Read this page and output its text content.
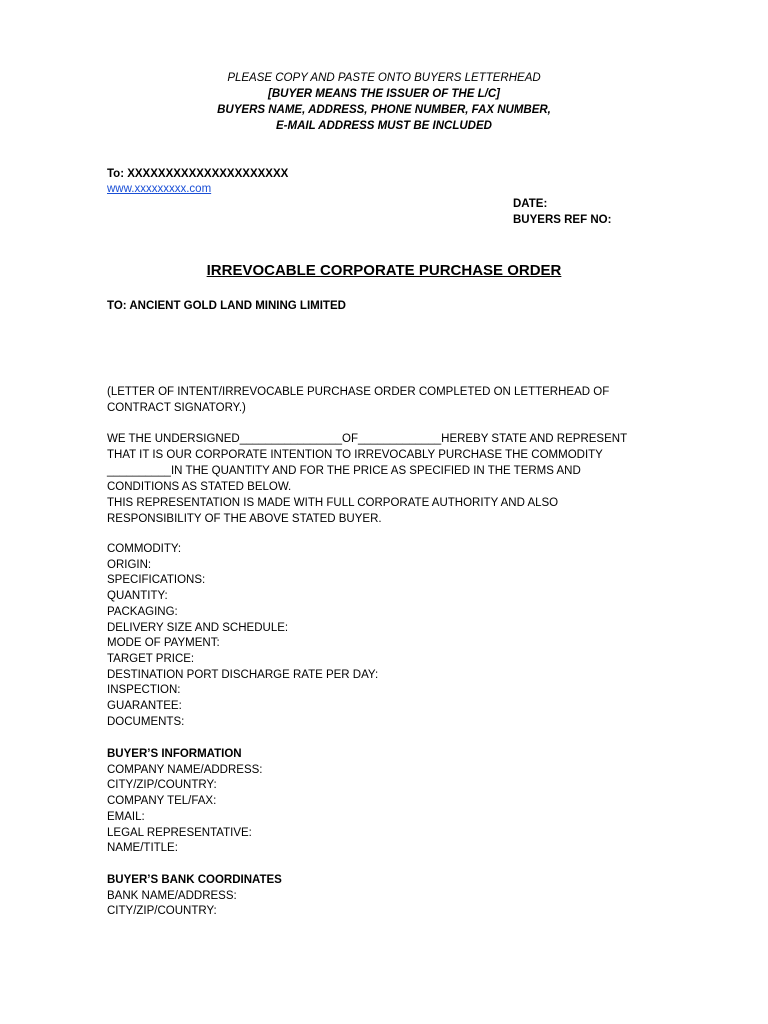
PLEASE COPY AND PASTE ONTO BUYERS LETTERHEAD
[BUYER MEANS THE ISSUER OF THE L/C]
BUYERS NAME, ADDRESS, PHONE NUMBER, FAX NUMBER,
E-MAIL ADDRESS MUST BE INCLUDED
To: XXXXXXXXXXXXXXXXXXXXX
www.xxxxxxxxx.com
DATE:
BUYERS REF NO:
IRREVOCABLE CORPORATE PURCHASE ORDER
TO: ANCIENT GOLD LAND MINING LIMITED
(LETTER OF INTENT/IRREVOCABLE PURCHASE ORDER COMPLETED ON LETTERHEAD OF CONTRACT SIGNATORY.)
WE THE UNDERSIGNED________________OF_____________HEREBY STATE AND REPRESENT THAT IT IS OUR CORPORATE INTENTION TO IRREVOCABLY PURCHASE THE COMMODITY __________IN THE QUANTITY AND FOR THE PRICE AS SPECIFIED IN THE TERMS AND CONDITIONS AS STATED BELOW.
THIS REPRESENTATION IS MADE WITH FULL CORPORATE AUTHORITY AND ALSO RESPONSIBILITY OF THE ABOVE STATED BUYER.
COMMODITY:
ORIGIN:
SPECIFICATIONS:
QUANTITY:
PACKAGING:
DELIVERY SIZE AND SCHEDULE:
MODE OF PAYMENT:
TARGET PRICE:
DESTINATION PORT DISCHARGE RATE PER DAY:
INSPECTION:
GUARANTEE:
DOCUMENTS:
BUYER’S INFORMATION
COMPANY NAME/ADDRESS:
CITY/ZIP/COUNTRY:
COMPANY TEL/FAX:
EMAIL:
LEGAL REPRESENTATIVE:
NAME/TITLE:
BUYER’S BANK COORDINATES
BANK NAME/ADDRESS:
CITY/ZIP/COUNTRY:
